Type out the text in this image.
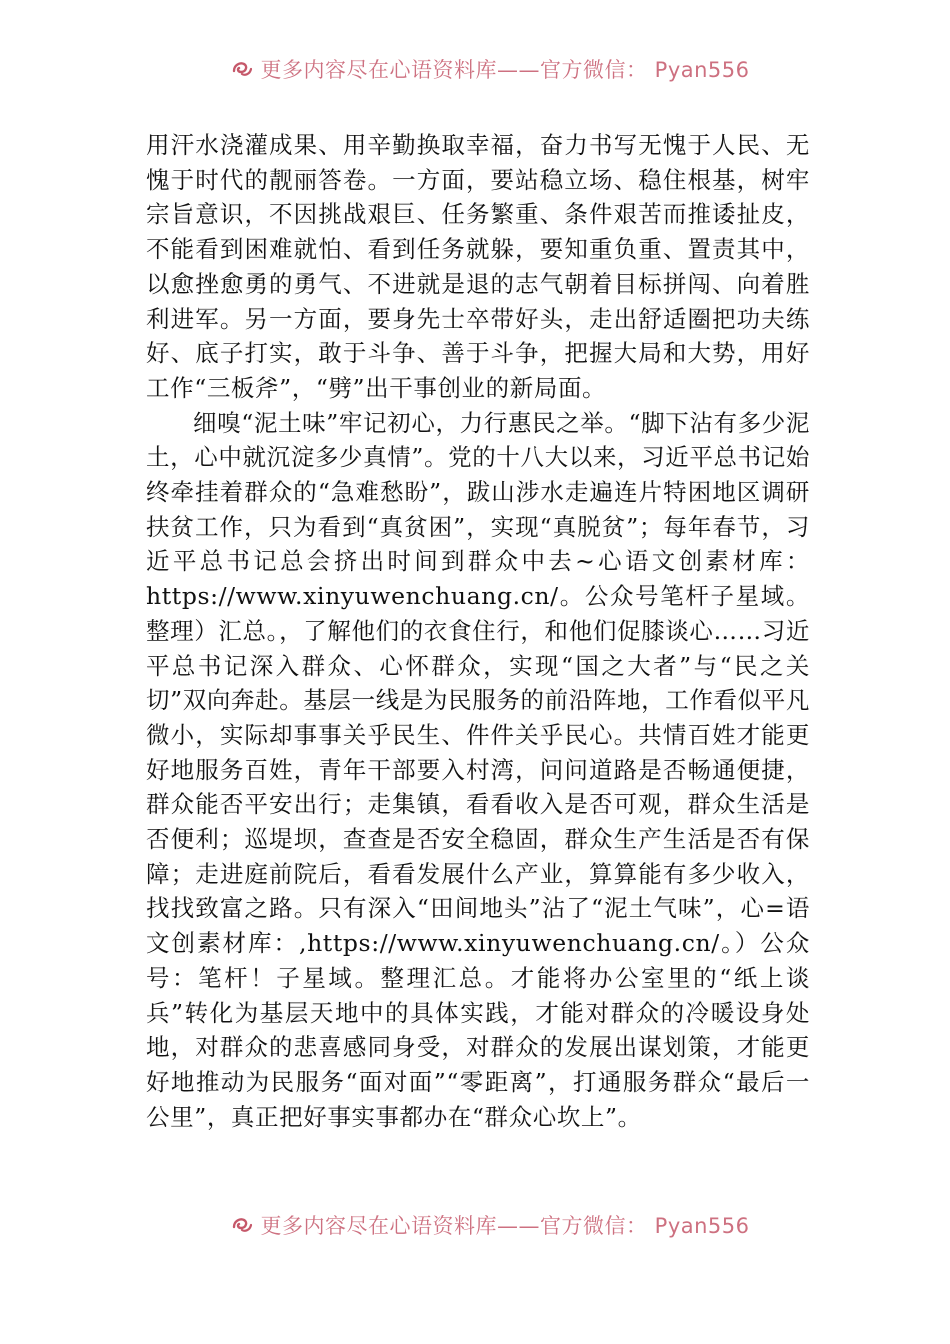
更多内容尽在心语资料库——官方微信： Pyan556

用汗水浇灌成果、用辛勤换取幸福，奋力书写无愧于人民、无愧于时代的靓丽答卷。一方面，要站稳立场、稳住根基，树牢宗旨意识，不因挑战艰巨、任务繁重、条件艰苦而推诿扯皮，不能看到困难就怕、看到任务就躲，要知重负重、置责其中，以愈挫愈勇的勇气、不进就是退的志气朝着目标拼闯、向着胜利进军。另一方面，要身先士卒带好头，走出舒适圈把功夫练好、底子打实，敢于斗争、善于斗争，把握大局和大势，用好工作“三板斧”，“劈”出干事创业的新局面。

细嗅“泥土味”牢记初心，力行惠民之举。“脚下沾有多少泥土，心中就沉淀多少真情”。党的十八大以来，习近平总书记始终牵挂着群众的“急难愁盼”，跋山涉水走遍连片特困地区调研扶贫工作，只为看到“真贫困”，实现“真脱贫”；每年春节，习近平总书记总会挤出时间到群众中去~心语文创素材库：https://www.xinyuwenchuang.cn/。公众号笔杆子星域。整理）汇总。，了解他们的衣食住行，和他们促膝谈心……习近平总书记深入群众、心怀群众，实现“国之大者”与“民之关切”双向奔赴。基层一线是为民服务的前沿阵地，工作看似平凡微小，实际却事事关乎民生、件件关乎民心。共情百姓才能更好地服务百姓，青年干部要入村湾，问问道路是否畅通便捷，群众能否平安出行；走集镇，看看收入是否可观，群众生活是否便利；巡堤坝，查查是否安全稳固，群众生产生活是否有保障；走进庭前院后，看看发展什么产业，算算能有多少收入，找找致富之路。只有深入“田间地头”沾了“泥土气味”，心=语文创素材库：,https://www.xinyuwenchuang.cn/。）公众号：笔杆！子星域。整理汇总。才能将办公室里的“纸上谈兵”转化为基层天地中的具体实践，才能对群众的冷暖设身处地，对群众的悲喜感同身受，对群众的发展出谋划策，才能更好地推动为民服务“面对面”“零距离”，打通服务群众“最后一公里”，真正把好事实事都办在“群众心坎上”。

更多内容尽在心语资料库——官方微信： Pyan556
